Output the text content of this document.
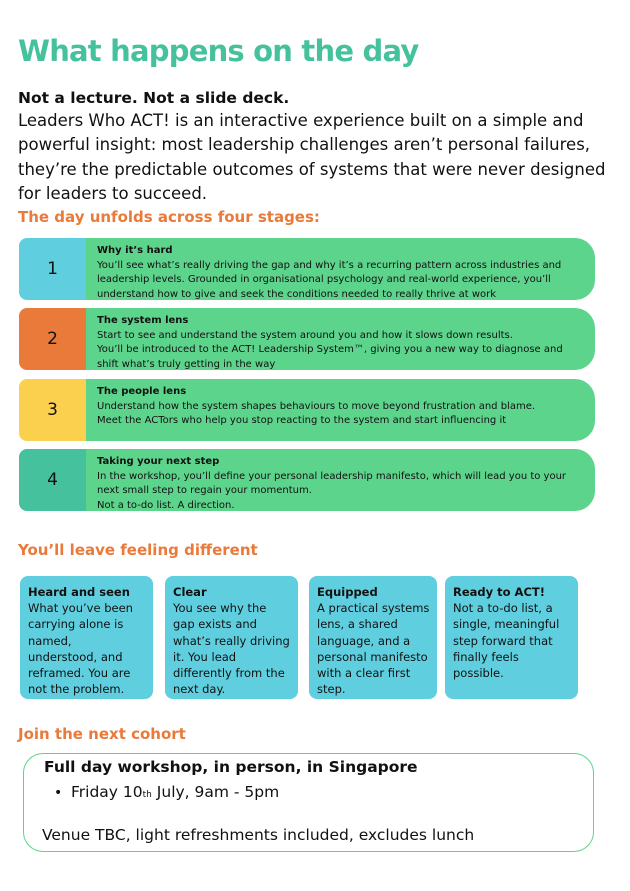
What happens on the day

Not a lecture. Not a slide deck.

Leaders Who ACT! is an interactive experience built on a simple and powerful insight: most leadership challenges aren’t personal failures, they’re the predictable outcomes of systems that were never designed for leaders to succeed.

The day unfolds across four stages:
1
Why it’s hard
You’ll see what’s really driving the gap and why it’s a recurring pattern across industries and
leadership levels. Grounded in organisational psychology and real-world experience, you’ll
understand how to give and seek the conditions needed to really thrive at work
2
The system lens
Start to see and understand the system around you and how it slows down results.
You’ll be introduced to the ACT! Leadership System™, giving you a new way to diagnose and
shift what’s truly getting in the way
3
The people lens
Understand how the system shapes behaviours to move beyond frustration and blame.
Meet the ACTors who help you stop reacting to the system and start influencing it
4
Taking your next step
In the workshop, you’ll define your personal leadership manifesto, which will lead you to your
next small step to regain your momentum.
Not a to-do list. A direction.
You’ll leave feeling different
Heard and seen
What you’ve been
carrying alone is
named,
understood, and
reframed. You are
not the problem.
Clear
You see why the
gap exists and
what’s really driving
it. You lead
differently from the
next day.
Equipped
A practical systems
lens, a shared
language, and a
personal manifesto
with a clear first
step.
Ready to ACT!
Not a to-do list, a
single, meaningful
step forward that
finally feels
possible.
Join the next cohort

Full day workshop, in person, in Singapore

• Friday 10 th July, 9am - 5pm
Venue TBC, light refreshments included, excludes lunch
